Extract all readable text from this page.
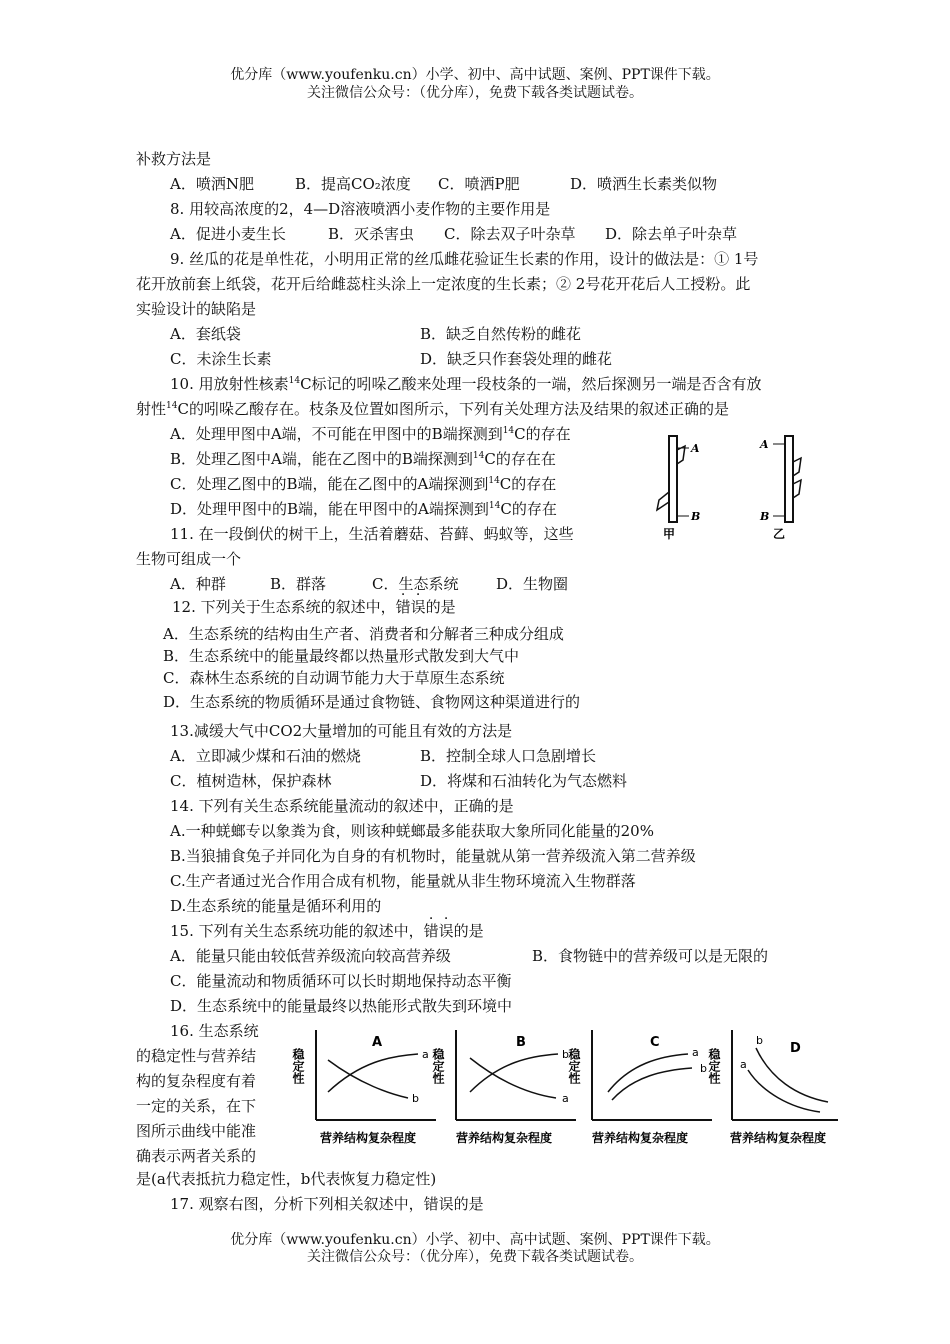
优分库（www.youfenku.cn）小学、初中、高中试题、案例、PPT课件下载。
关注微信公众号：（优分库），免费下载各类试题试卷。
补救方法是
A．喷洒N肥	B．提高CO₂浓度 C．喷洒P肥	D．喷洒生长素类似物
8. 用较高浓度的2，4—D溶液喷洒小麦作物的主要作用是
A．促进小麦生长	B．灭杀害虫 C．除去双子叶杂草 D．除去单子叶杂草
9. 丝瓜的花是单性花，小明用正常的丝瓜雌花验证生长素的作用，设计的做法是：① 1号
花开放前套上纸袋，花开后给雌蕊柱头涂上一定浓度的生长素；② 2号花开花后人工授粉。此
实验设计的缺陷是
A．套纸袋	B．缺乏自然传粉的雌花
C．未涂生长素	D．缺乏只作套袋处理的雌花
10. 用放射性核素$^{14}$C标记的吲哚乙酸来处理一段枝条的一端，然后探测另一端是否含有放
射性$^{14}$C的吲哚乙酸存在。枝条及位置如图所示，下列有关处理方法及结果的叙述正确的是
A．处理甲图中A端，不可能在甲图中的B端探测到$^{14}$C的存在
B．处理乙图中A端，能在乙图中的B端探测到$^{14}$C的存在在
C．处理乙图中的B端，能在乙图中的A端探测到$^{14}$C的存在
D．处理甲图中的B端，能在甲图中的A端探测到$^{14}$C的存在
A
B
甲
A
B
乙
11. 在一段倒伏的树干上，生活着蘑菇、苔藓、蚂蚁等，这些
生物可组成一个
A．种群	B．群落	C．生态系统	D．生物圈
12. 下列关于生态系统的叙述中，错误的是
A．生态系统的结构由生产者、消费者和分解者三种成分组成
B．生态系统中的能量最终都以热量形式散发到大气中
C．森林生态系统的自动调节能力大于草原生态系统
D．生态系统的物质循环是通过食物链、食物网这种渠道进行的
13.减缓大气中CO2大量增加的可能且有效的方法是
A．立即减少煤和石油的燃烧	B．控制全球人口急剧增长
C．植树造林，保护森林	D．将煤和石油转化为气态燃料
14. 下列有关生态系统能量流动的叙述中，正确的是
A.一种蜣螂专以象粪为食，则该种蜣螂最多能获取大象所同化能量的20%
B.当狼捕食兔子并同化为自身的有机物时，能量就从第一营养级流入第二营养级
C.生产者通过光合作用合成有机物，能量就从非生物环境流入生物群落
D.生态系统的能量是循环利用的
15. 下列有关生态系统功能的叙述中，错误的是
A．能量只能由较低营养级流向较高营养级	B．食物链中的营养级可以是无限的
C．能量流动和物质循环可以长时期地保持动态平衡
D．生态系统中的能量最终以热能形式散失到环境中
16. 生态系统
的稳定性与营养结
构的复杂程度有着
一定的关系，在下
图所示曲线中能准
确表示两者关系的
是(a代表抵抗力稳定性，b代表恢复力稳定性)
A
a
b
稳定性
营养结构复杂程度
B
b
a
稳定性
营养结构复杂程度
C
a
b
稳定性
营养结构复杂程度
D
b
a
稳定性
营养结构复杂程度
17. 观察右图，分析下列相关叙述中，错误的是
优分库（www.youfenku.cn）小学、初中、高中试题、案例、PPT课件下载。
关注微信公众号：（优分库），免费下载各类试题试卷。
